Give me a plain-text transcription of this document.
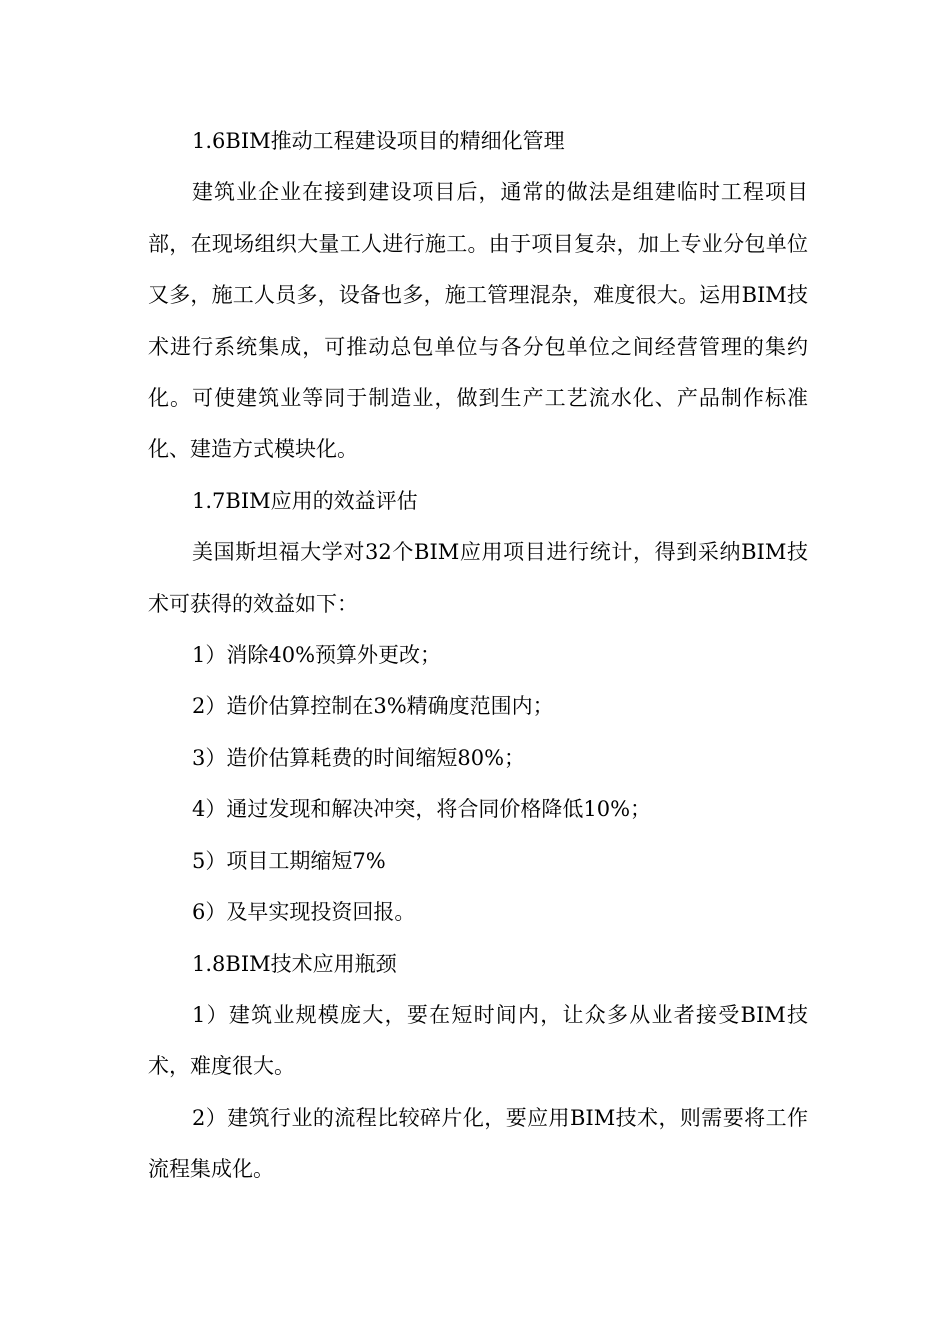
1.6BIM推动工程建设项目的精细化管理

建筑业企业在接到建设项目后，通常的做法是组建临时工程项目部，在现场组织大量工人进行施工。由于项目复杂，加上专业分包单位又多，施工人员多，设备也多，施工管理混杂，难度很大。运用BIM技术进行系统集成，可推动总包单位与各分包单位之间经营管理的集约化。可使建筑业等同于制造业，做到生产工艺流水化、产品制作标准化、建造方式模块化。

1.7BIM应用的效益评估

美国斯坦福大学对32个BIM应用项目进行统计，得到采纳BIM技术可获得的效益如下：

1）消除40%预算外更改；

2）造价估算控制在3%精确度范围内；

3）造价估算耗费的时间缩短80%；

4）通过发现和解决冲突，将合同价格降低10%；

5）项目工期缩短7%

6）及早实现投资回报。

1.8BIM技术应用瓶颈

1）建筑业规模庞大，要在短时间内，让众多从业者接受BIM技术，难度很大。

2）建筑行业的流程比较碎片化，要应用BIM技术，则需要将工作流程集成化。
